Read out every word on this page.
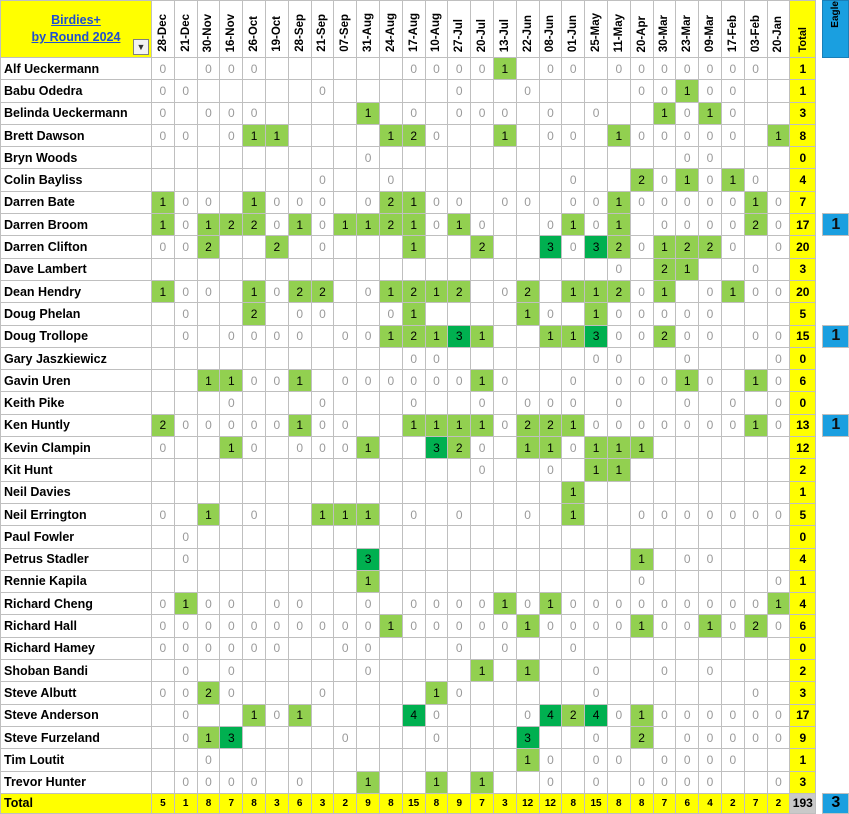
Birdies+
by Round 2024
▼	28-Dec	21-Dec	30-Nov	16-Nov	26-Oct	19-Oct	28-Sep	21-Sep	07-Sep	31-Aug	24-Aug	17-Aug	10-Aug	27-Jul	20-Jul	13-Jul	22-Jun	08-Jun	01-Jun	25-May	11-May	20-Apr	30-Mar	23-Mar	09-Mar	17-Feb	03-Feb	20-Jan	Total		Eagle
Alf Ueckermann	0		0	0	0							0	0	0	0	1		0	0		0	0	0	0	0	0	0		1		
Babu Odedra	0	0						0						0			0					0	0	1	0	0			1		
Belinda Ueckermann	0		0	0	0					1		0		0	0	0		0		0			1	0	1	0			3		
Brett Dawson	0	0		0	1	1					1	2	0			1		0	0		1	0	0	0	0	0		1	8		
Bryn Woods										0														0	0				0		
Colin Bayliss								0			0								0			2	0	1	0	1	0		4		
Darren Bate	1	0	0		1	0	0	0		0	2	1	0	0		0	0		0	0	1	0	0	0	0	0	1	0	7		
Darren Broom	1	0	1	2	2	0	1	0	1	1	2	1	0	1	0			0	1	0	1		0	0	0	0	2	0	17		1
Darren Clifton	0	0	2			2		0				1			2			3	0	3	2	0	1	2	2	0		0	20		
Dave Lambert																					0		2	1			0		3		
Dean Hendry	1	0	0		1	0	2	2		0	1	2	1	2		0	2		1	1	2	0	1		0	1	0	0	20		
Doug Phelan		0			2		0	0			0	1					1	0		1	0	0	0	0	0				5		
Doug Trollope		0		0	0	0	0		0	0	1	2	1	3	1			1	1	3	0	0	2	0	0		0	0	15		1
Gary Jaszkiewicz												0	0							0	0			0				0	0		
Gavin Uren			1	1	0	0	1		0	0	0	0	0	0	1	0			0		0	0	0	1	0		1	0	6		
Keith Pike				0				0				0			0		0	0	0		0			0		0		0	0		
Ken Huntly	2	0	0	0	0	0	1	0	0			1	1	1	1	0	2	2	1	0	0	0	0	0	0	0	1	0	13		1
Kevin Clampin	0			1	0		0	0	0	1			3	2	0		1	1	0	1	1	1							12		
Kit Hunt															0			0		1	1								2		
Neil Davies																			1										1		
Neil Errington	0		1		0			1	1	1		0		0			0		1			0	0	0	0	0	0	0	5		
Paul Fowler		0																											0		
Petrus Stadler		0								3												1		0	0				4		
Rennie Kapila										1												0						0	1		
Richard Cheng	0	1	0	0		0	0			0		0	0	0	0	1	0	1	0	0	0	0	0	0	0	0	0	1	4		
Richard Hall	0	0	0	0	0	0	0	0	0	0	1	0	0	0	0	0	1	0	0	0	0	1	0	0	1	0	2	0	6		
Richard Hamey	0	0	0	0	0	0			0	0				0		0			0										0		
Shoban Bandi		0		0						0					1		1			0			0		0				2		
Steve Albutt	0	0	2	0				0					1	0						0							0		3		
Steve Anderson		0			1	0	1					4	0				0	4	2	4	0	1	0	0	0	0	0	0	17		
Steve Furzeland		0	1	3					0				0				3			0		2		0	0	0	0	0	9		
Tim Loutit			0														1	0		0	0		0	0	0	0			1		
Trevor Hunter		0	0	0	0		0			1			1		1			0		0		0	0	0	0			0	3		
Total	5	1	8	7	8	3	6	3	2	9	8	15	8	9	7	3	12	12	8	15	8	8	7	6	4	2	7	2	193		3
